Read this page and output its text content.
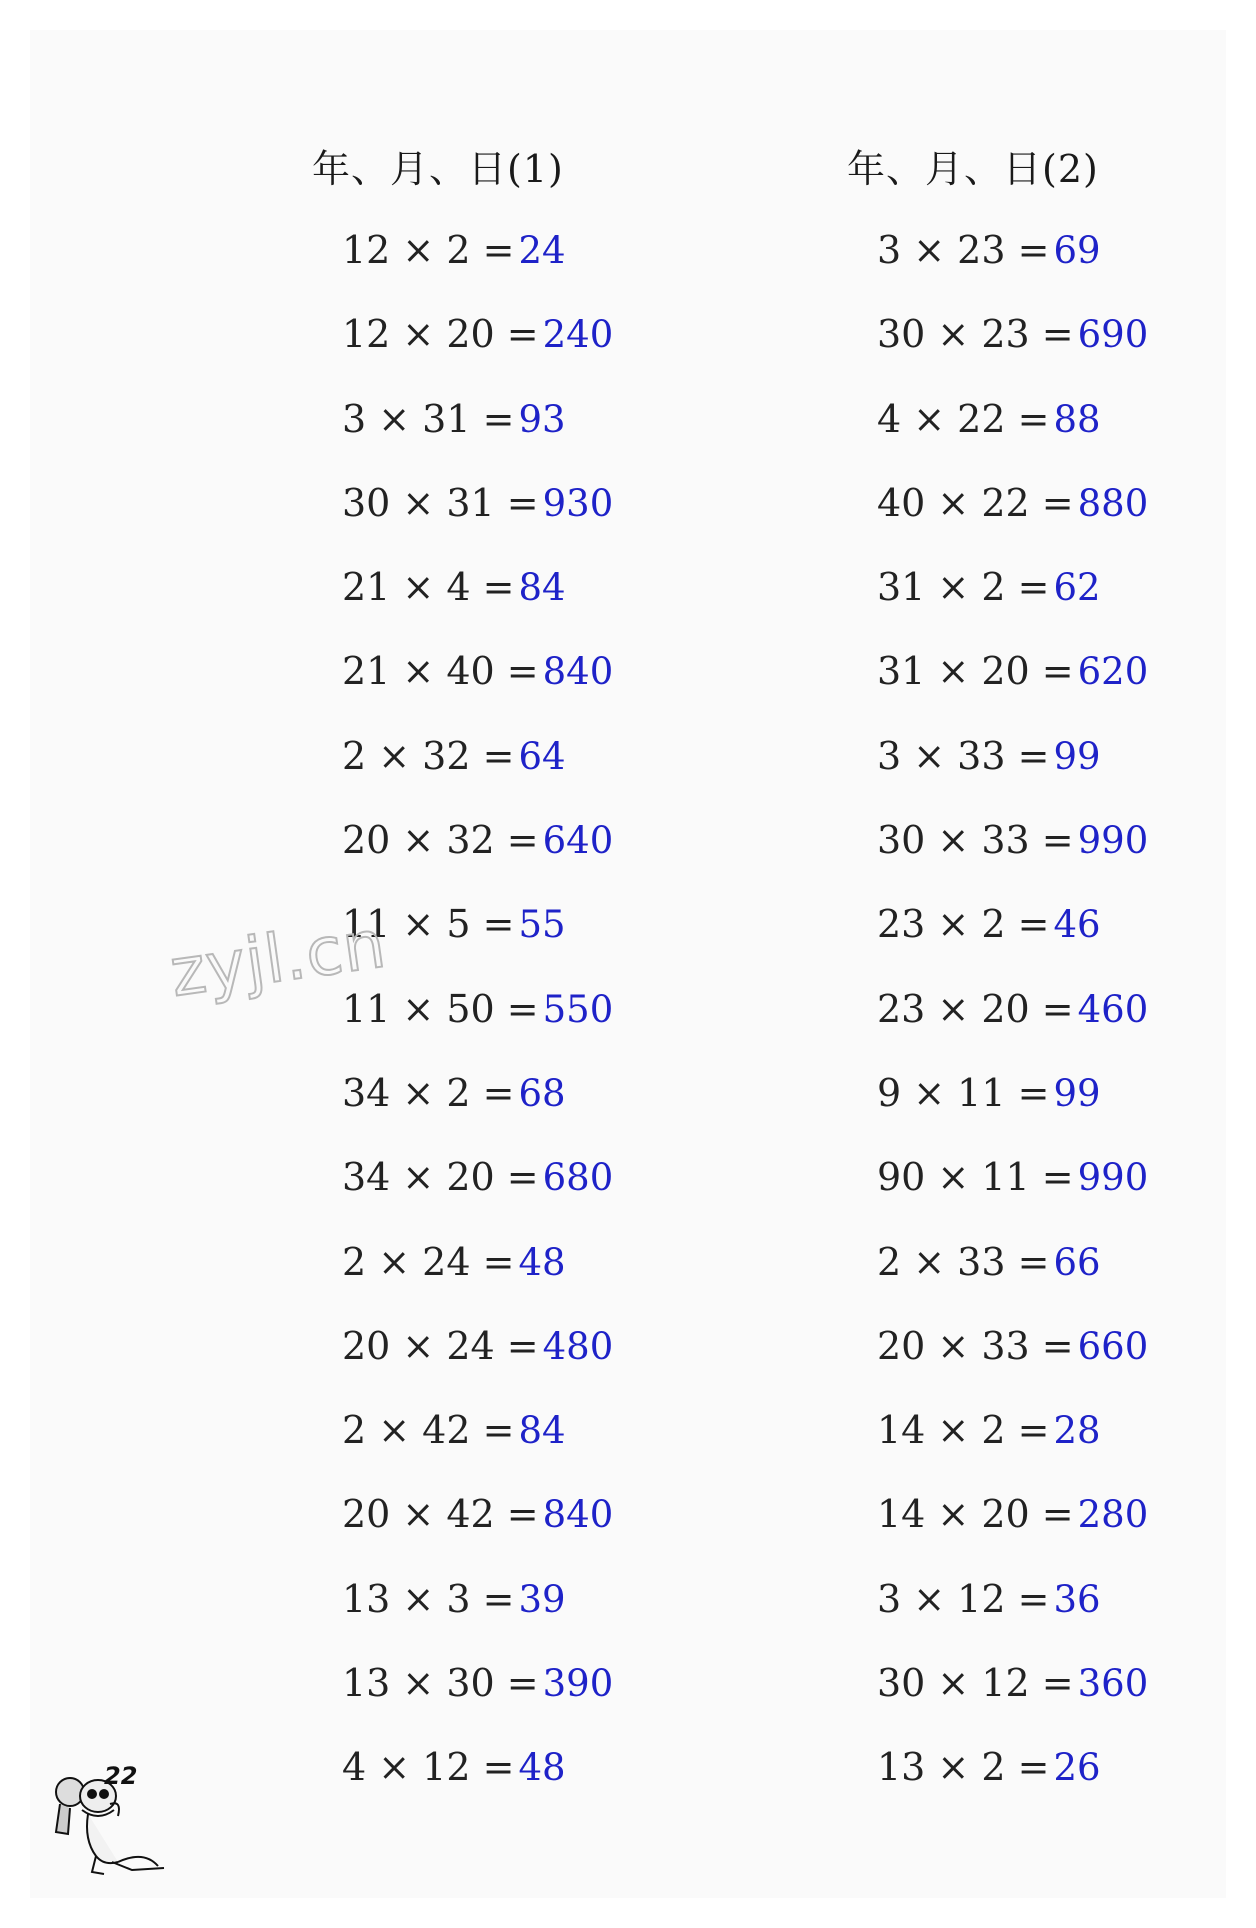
年、月、日(1)
12 × 2 = 24
12 × 20 = 240
3 × 31 = 93
30 × 31 = 930
21 × 4 = 84
21 × 40 = 840
2 × 32 = 64
20 × 32 = 640
11 × 5 = 55
11 × 50 = 550
34 × 2 = 68
34 × 20 = 680
2 × 24 = 48
20 × 24 = 480
2 × 42 = 84
20 × 42 = 840
13 × 3 = 39
13 × 30 = 390
4 × 12 = 48
年、月、日(2)
3 × 23 = 69
30 × 23 = 690
4 × 22 = 88
40 × 22 = 880
31 × 2 = 62
31 × 20 = 620
3 × 33 = 99
30 × 33 = 990
23 × 2 = 46
23 × 20 = 460
9 × 11 = 99
90 × 11 = 990
2 × 33 = 66
20 × 33 = 660
14 × 2 = 28
14 × 20 = 280
3 × 12 = 36
30 × 12 = 360
13 × 2 = 26
zyjl.cn
22
